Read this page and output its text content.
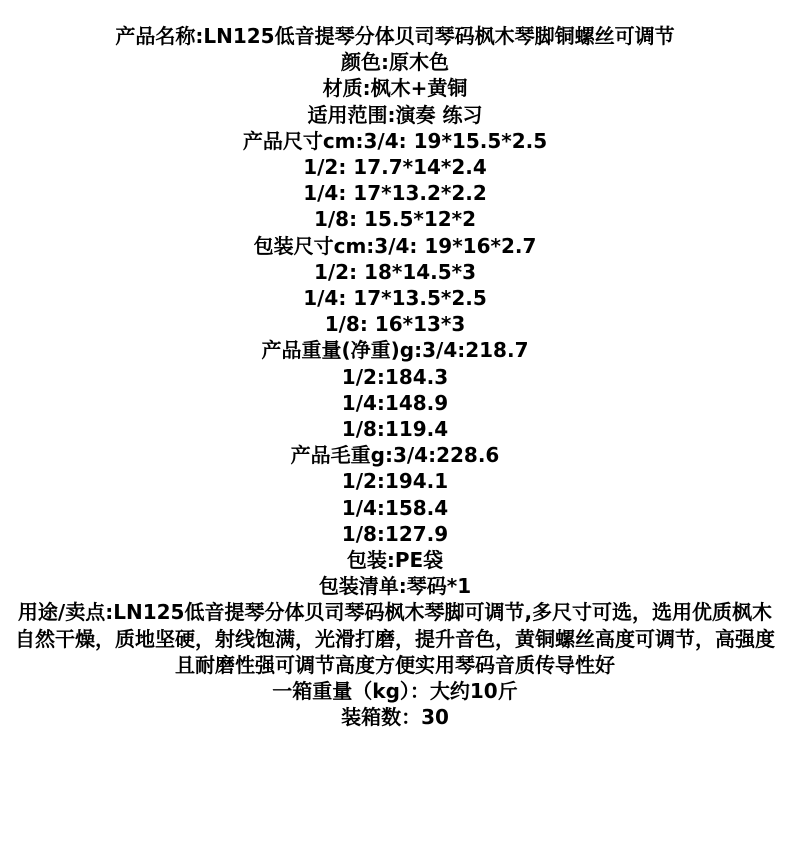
产品名称:LN125低音提琴分体贝司琴码枫木琴脚铜螺丝可调节
颜色:原木色
材质:枫木+黄铜
适用范围:演奏 练习
产品尺寸cm:3/4: 19*15.5*2.5
1/2: 17.7*14*2.4
1/4: 17*13.2*2.2
1/8: 15.5*12*2
包装尺寸cm:3/4: 19*16*2.7
1/2: 18*14.5*3
1/4: 17*13.5*2.5
1/8: 16*13*3
产品重量(净重)g:3/4:218.7
1/2:184.3
1/4:148.9
1/8:119.4
产品毛重g:3/4:228.6
1/2:194.1
1/4:158.4
1/8:127.9
包装:PE袋
包装清单:琴码*1
用途/卖点:LN125低音提琴分体贝司琴码枫木琴脚可调节,多尺寸可选，选用优质枫木自然干燥，质地坚硬，射线饱满，光滑打磨，提升音色，黄铜螺丝高度可调节，高强度且耐磨性强可调节高度方便实用琴码音质传导性好
一箱重量（kg）：大约10斤
装箱数：30
